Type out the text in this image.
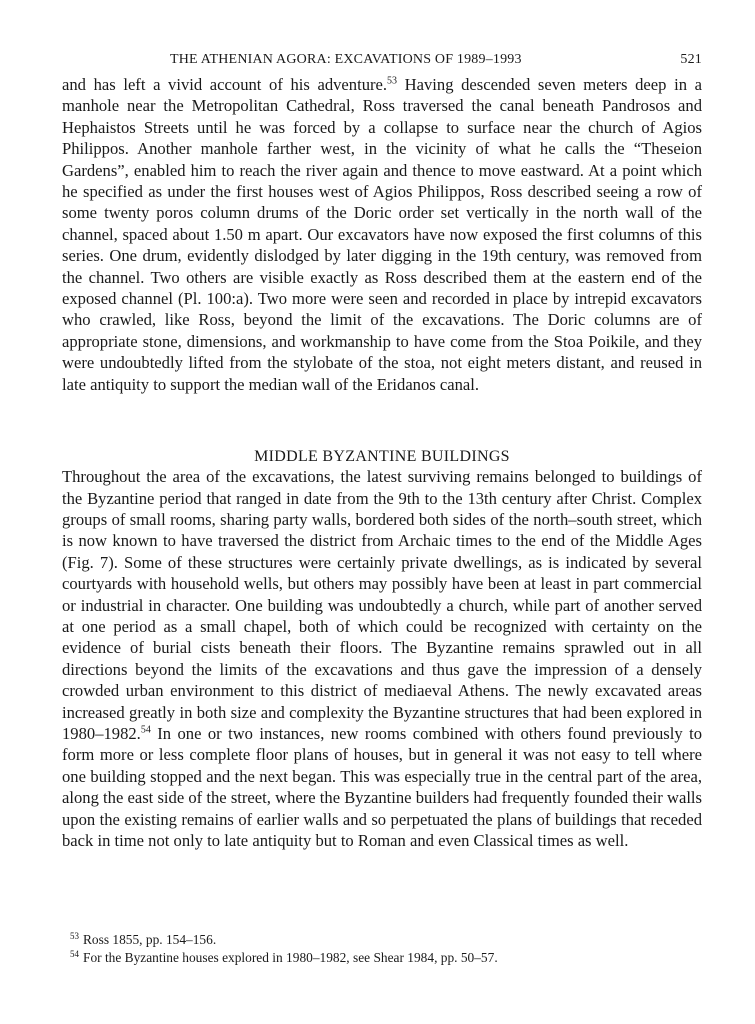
THE ATHENIAN AGORA: EXCAVATIONS OF 1989–1993	521

and has left a vivid account of his adventure.$^{53}$ Having descended seven meters deep in a manhole near the Metropolitan Cathedral, Ross traversed the canal beneath Pandrosos and Hephaistos Streets until he was forced by a collapse to surface near the church of Agios Philippos. Another manhole farther west, in the vicinity of what he calls the “Theseion Gardens”, enabled him to reach the river again and thence to move eastward. At a point which he specified as under the first houses west of Agios Philippos, Ross described seeing a row of some twenty poros column drums of the Doric order set vertically in the north wall of the channel, spaced about 1.50 m apart. Our excavators have now exposed the first columns of this series. One drum, evidently dislodged by later digging in the 19th century, was removed from the channel. Two others are visible exactly as Ross described them at the eastern end of the exposed channel (Pl. 100:a). Two more were seen and recorded in place by intrepid excavators who crawled, like Ross, beyond the limit of the excavations. The Doric columns are of appropriate stone, dimensions, and workmanship to have come from the Stoa Poikile, and they were undoubtedly lifted from the stylobate of the stoa, not eight meters distant, and reused in late antiquity to support the median wall of the Eridanos canal.

MIDDLE BYZANTINE BUILDINGS

Throughout the area of the excavations, the latest surviving remains belonged to buildings of the Byzantine period that ranged in date from the 9th to the 13th century after Christ. Complex groups of small rooms, sharing party walls, bordered both sides of the north–south street, which is now known to have traversed the district from Archaic times to the end of the Middle Ages (Fig. 7). Some of these structures were certainly private dwellings, as is indicated by several courtyards with household wells, but others may possibly have been at least in part commercial or industrial in character. One building was undoubtedly a church, while part of another served at one period as a small chapel, both of which could be recognized with certainty on the evidence of burial cists beneath their floors. The Byzantine remains sprawled out in all directions beyond the limits of the excavations and thus gave the impression of a densely crowded urban environment to this district of mediaeval Athens. The newly excavated areas increased greatly in both size and complexity the Byzantine structures that had been explored in 1980–1982.54 In one or two instances, new rooms combined with others found previously to form more or less complete floor plans of houses, but in general it was not easy to tell where one building stopped and the next began. This was especially true in the central part of the area, along the east side of the street, where the Byzantine builders had frequently founded their walls upon the existing remains of earlier walls and so perpetuated the plans of buildings that receded back in time not only to late antiquity but to Roman and even Classical times as well.

$^{53}$ Ross 1855, pp. 154–156.

$^{54}$ For the Byzantine houses explored in 1980–1982, see Shear 1984, pp. 50–57.
